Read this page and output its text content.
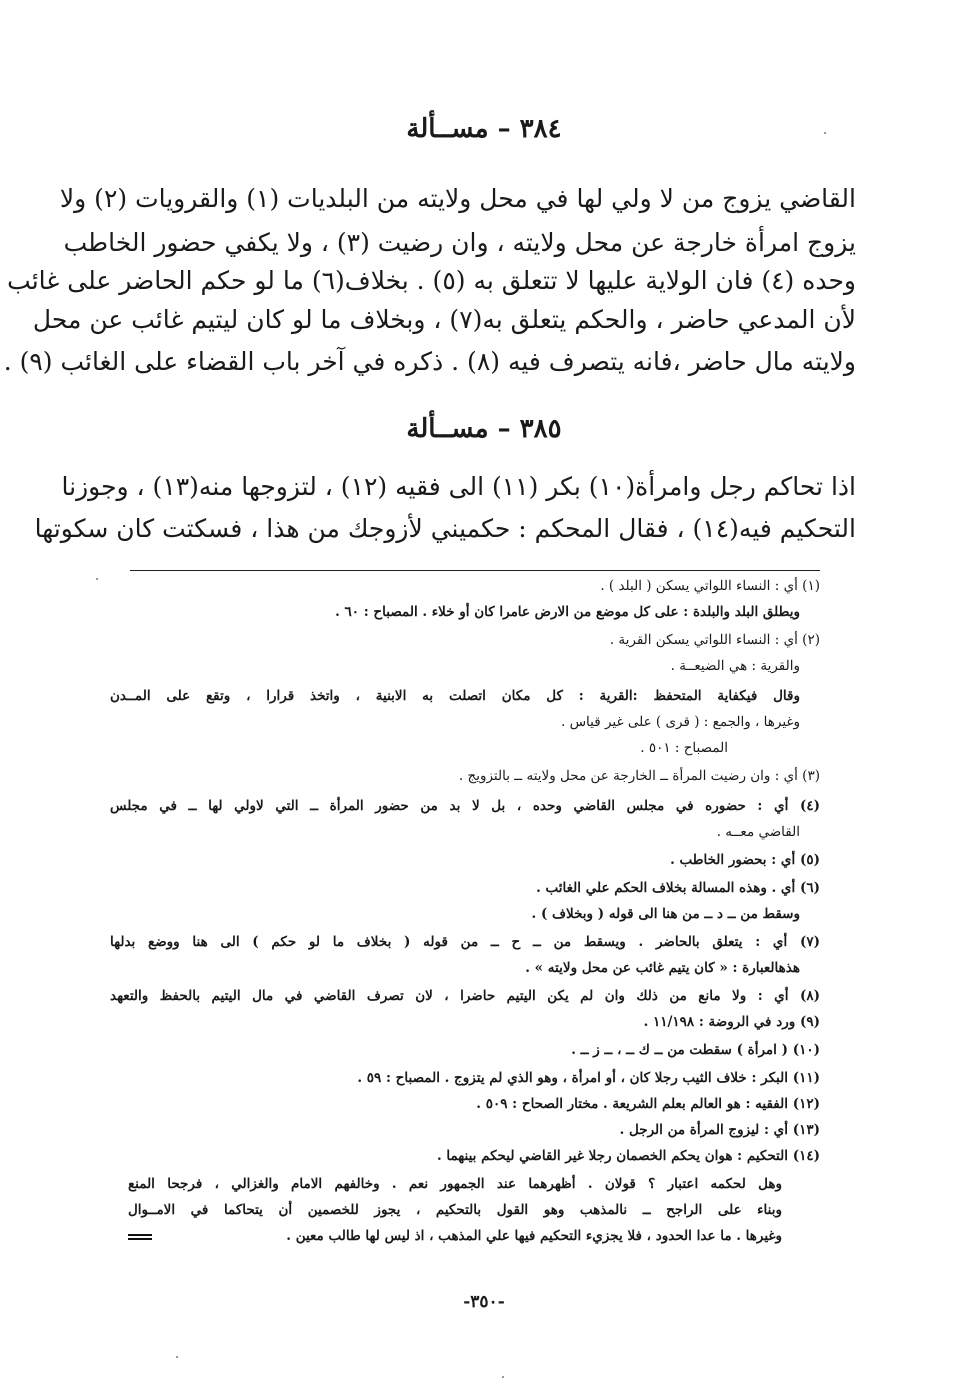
٣٨٤ – مســألة
القاضي يزوج من لا ولي لها في محل ولايته من البلديات (١) والقرويات (٢) ولا
يزوج امرأة خارجة عن محل ولايته ، وان رضيت (٣) ، ولا يكفي حضور الخاطب
وحده (٤) فان الولاية عليها لا تتعلق به (٥) . بخلاف(٦) ما لو حكم الحاضر على غائب
لأن المدعي حاضر ، والحكم يتعلق به(٧) ، وبخلاف ما لو كان ليتيم غائب عن محل
ولايته مال حاضر ،فانه يتصرف فيه (٨) . ذكره في آخر باب القضاء على الغائب (٩) .
٣٨٥ – مســألة
اذا تحاكم رجل وامرأة(١٠) بكر (١١) الى فقيه (١٢) ، لتزوجها منه(١٣) ، وجوزنا
التحكيم فيه(١٤) ، فقال المحكم : حكميني لأزوجك من هذا ، فسكتت كان سكوتها
(١) أي : النساء اللواتي يسكن ( البلد ) .
ويطلق البلد والبلدة : على كل موضع من الارض عامرا كان أو خلاء . المصباح : ٦٠ .
(٢) أي : النساء اللواتي يسكن القرية .
والقرية : هي الضيعــة .
وقال فيكفاية المتحفظ :القرية : كل مكان اتصلت به الابنية ، واتخذ قرارا ، وتقع على المــدن
وغيرها ، والجمع : ( قرى ) على غير قياس .
المصباح : ٥٠١ .
(٣) أي : وان رضيت المرأة ــ الخارجة عن محل ولايته ــ بالتزويج .
(٤) أي : حضوره في مجلس القاضي وحده ، بل لا بد من حضور المرأة ــ التي لاولي لها ــ في مجلس
القاضي معــه .
(٥) أي : بحضور الخاطب .
(٦) أي . وهذه المسالة بخلاف الحكم علي الغائب .
وسقط من ــ د ــ من هنا الى قوله ( وبخلاف ) .
(٧) أي : يتعلق بالحاضر . ويسقط من ــ ح ــ من قوله ( بخلاف ما لو حكم ) الى هنا ووضع بدلها
هذهالعبارة : « كان يتيم غائب عن محل ولايته » .
(٨) أي : ولا مانع من ذلك وان لم يكن اليتيم حاضرا ، لان تصرف القاضي في مال اليتيم بالحفظ والتعهد
(٩) ورد في الروضة : ١١/١٩٨ .
(١٠) ( امرأة ) سقطت من ــ ك ــ ، ــ ز ــ .
(١١) البكر : خلاف الثيب رجلا كان ، أو امرأة ، وهو الذي لم يتزوج . المصباح : ٥٩ .
(١٢) الفقيه : هو العالم بعلم الشريعة . مختار الصحاح : ٥٠٩ .
(١٣) أي : ليزوج المرأة من الرجل .
(١٤) التحكيم : هوان يحكم الخصمان رجلا غير القاضي ليحكم بينهما .
وهل لحكمه اعتبار ؟ قولان . أظهرهما عند الجمهور نعم . وخالفهم الامام والغزالي ، فرجحا المنع
وبناء على الراجح ــ نالمذهب وهو القول بالتحكيم ، يجوز للخصمين أن يتحاكما في الامــوال
وغيرها . ما عدا الحدود ، فلا يجزيء التحكيم فيها علي المذهب ، اذ ليس لها طالب معين .
-٣٥٠-
